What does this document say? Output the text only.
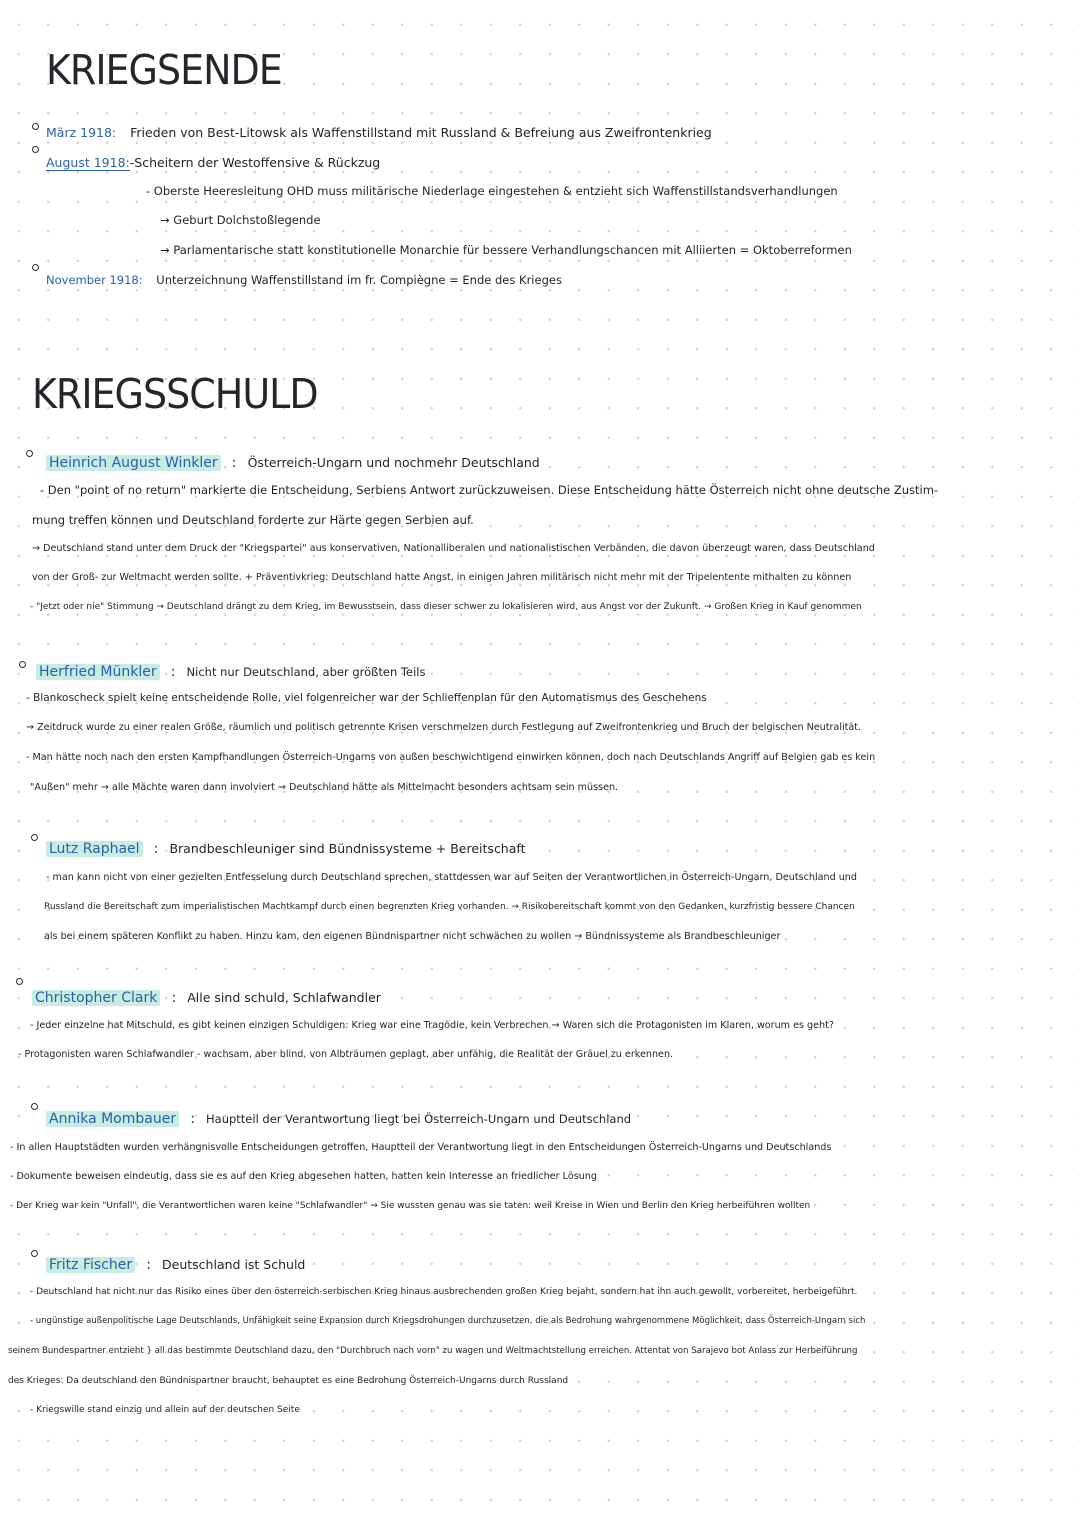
KRIEGSENDE
März 1918: Frieden von Best-Litowsk als Waffenstillstand mit Russland & Befreiung aus Zweifrontenkrieg
August 1918:-Scheitern der Westoffensive & Rückzug
- Oberste Heeresleitung OHD muss militärische Niederlage eingestehen & entzieht sich Waffenstillstandsverhandlungen
→ Geburt Dolchstoßlegende
→ Parlamentarische statt konstitutionelle Monarchie für bessere Verhandlungschancen mit Alliierten = Oktoberreformen
November 1918: Unterzeichnung Waffenstillstand im fr. Compiègne = Ende des Krieges
KRIEGSSCHULD
Heinrich August Winkler : Österreich-Ungarn und nochmehr Deutschland
- Den "point of no return" markierte die Entscheidung, Serbiens Antwort zurückzuweisen. Diese Entscheidung hätte Österreich nicht ohne deutsche Zustim-
mung treffen können und Deutschland forderte zur Härte gegen Serbien auf.
→ Deutschland stand unter dem Druck der "Kriegspartei" aus konservativen, Nationalliberalen und nationalistischen Verbänden, die davon überzeugt waren, dass Deutschland
von der Groß- zur Weltmacht werden sollte. + Präventivkrieg: Deutschland hatte Angst, in einigen Jahren militärisch nicht mehr mit der Tripelentente mithalten zu können
- "Jetzt oder nie" Stimmung → Deutschland drängt zu dem Krieg, im Bewusstsein, dass dieser schwer zu lokalisieren wird, aus Angst vor der Zukunft. → Großen Krieg in Kauf genommen
Herfried Münkler : Nicht nur Deutschland, aber größten Teils
- Blankoscheck spielt keine entscheidende Rolle, viel folgenreicher war der Schlieffenplan für den Automatismus des Geschehens
→ Zeitdruck wurde zu einer realen Größe, räumlich und politisch getrennte Krisen verschmelzen durch Festlegung auf Zweifrontenkrieg und Bruch der belgischen Neutralität.
- Man hätte noch nach den ersten Kampfhandlungen Österreich-Ungarns von außen beschwichtigend einwirken können, doch nach Deutschlands Angriff auf Belgien gab es kein
"Außen" mehr → alle Mächte waren dann involviert ⇒ Deutschland hätte als Mittelmacht besonders achtsam sein müssen.
Lutz Raphael : Brandbeschleuniger sind Bündnissysteme + Bereitschaft
- man kann nicht von einer gezielten Entfesselung durch Deutschland sprechen, stattdessen war auf Seiten der Verantwortlichen in Österreich-Ungarn, Deutschland und
Russland die Bereitschaft zum imperialistischen Machtkampf durch einen begrenzten Krieg vorhanden. → Risikobereitschaft kommt von den Gedanken, kurzfristig bessere Chancen
als bei einem späteren Konflikt zu haben. Hinzu kam, den eigenen Bündnispartner nicht schwächen zu wollen → Bündnissysteme als Brandbeschleuniger
Christopher Clark : Alle sind schuld, Schlafwandler
- Jeder einzelne hat Mitschuld, es gibt keinen einzigen Schuldigen: Krieg war eine Tragödie, kein Verbrechen → Waren sich die Protagonisten im Klaren, worum es geht?
- Protagonisten waren Schlafwandler - wachsam, aber blind, von Albträumen geplagt, aber unfähig, die Realität der Gräuel zu erkennen.
Annika Mombauer : Hauptteil der Verantwortung liegt bei Österreich-Ungarn und Deutschland
- In allen Hauptstädten wurden verhängnisvolle Entscheidungen getroffen, Hauptteil der Verantwortung liegt in den Entscheidungen Österreich-Ungarns und Deutschlands
- Dokumente beweisen eindeutig, dass sie es auf den Krieg abgesehen hatten, hatten kein Interesse an friedlicher Lösung
- Der Krieg war kein "Unfall", die Verantwortlichen waren keine "Schlafwandler" → Sie wussten genau was sie taten: weil Kreise in Wien und Berlin den Krieg herbeiführen wollten
Fritz Fischer : Deutschland ist Schuld
- Deutschland hat nicht nur das Risiko eines über den österreich-serbischen Krieg hinaus ausbrechenden großen Krieg bejaht, sondern hat ihn auch gewollt, vorbereitet, herbeigeführt.
- ungünstige außenpolitische Lage Deutschlands, Unfähigkeit seine Expansion durch Kriegsdrohungen durchzusetzen, die als Bedrohung wahrgenommene Möglichkeit, dass Österreich-Ungarn sich
seinem Bundespartner entzieht } all das bestimmte Deutschland dazu, den "Durchbruch nach vorn" zu wagen und Weltmachtstellung erreichen. Attentat von Sarajevo bot Anlass zur Herbeiführung
des Krieges: Da deutschland den Bündnispartner braucht, behauptet es eine Bedrohung Österreich-Ungarns durch Russland
- Kriegswille stand einzig und allein auf der deutschen Seite
